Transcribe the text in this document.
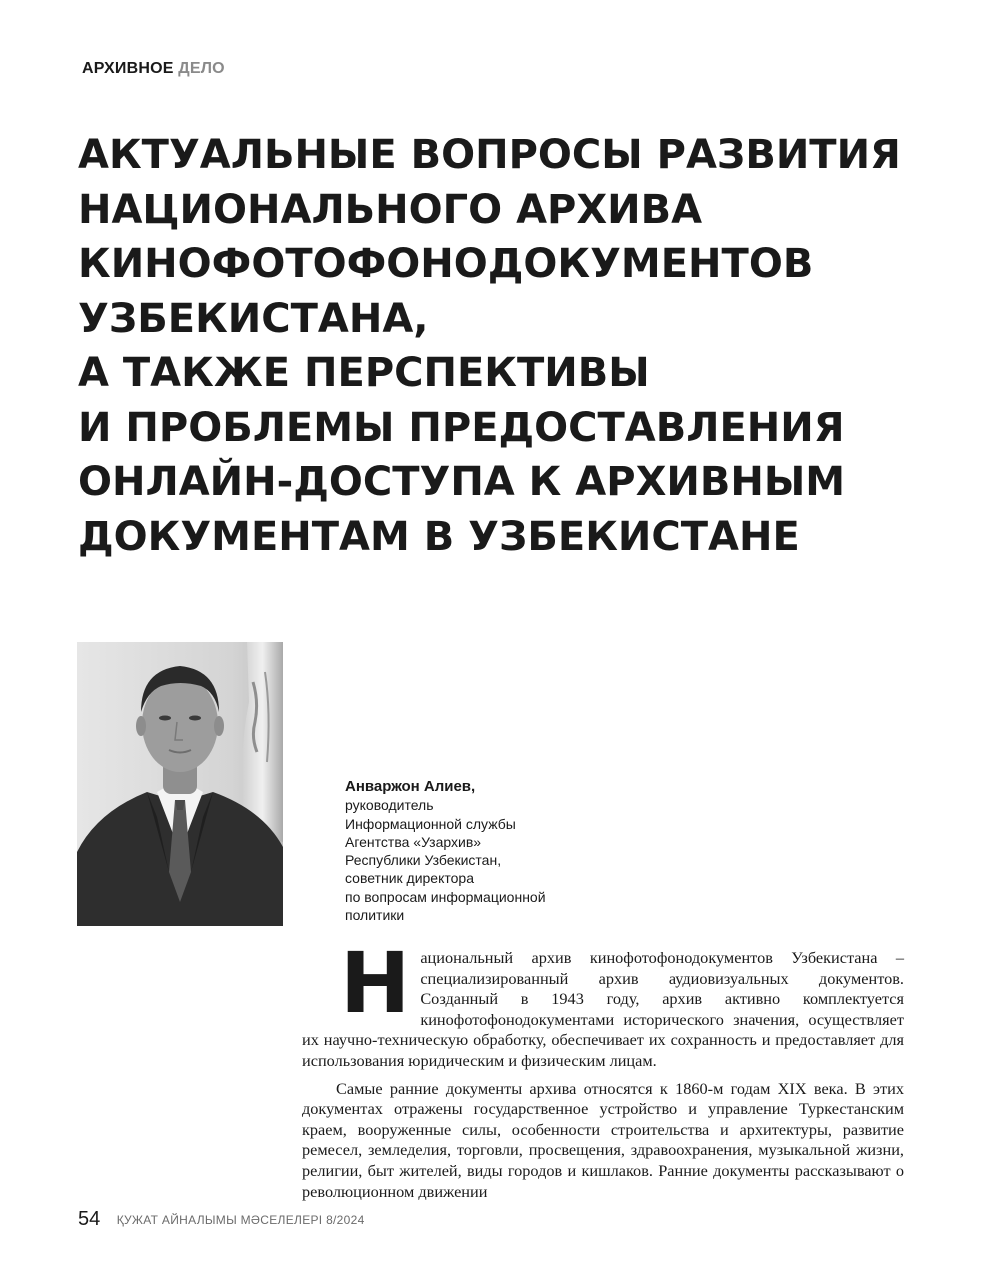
АРХИВНОЕ ДЕЛО
АКТУАЛЬНЫЕ ВОПРОСЫ РАЗВИТИЯ
НАЦИОНАЛЬНОГО АРХИВА
КИНОФОТОФОНОДОКУМЕНТОВ
УЗБЕКИСТАНА,
А ТАКЖЕ ПЕРСПЕКТИВЫ
И ПРОБЛЕМЫ ПРЕДОСТАВЛЕНИЯ
ОНЛАЙН-ДОСТУПА К АРХИВНЫМ
ДОКУМЕНТАМ В УЗБЕКИСТАНЕ
Анваржон Алиев,
руководитель
Информационной службы
Агентства «Узархив»
Республики Узбекистан,
советник директора
по вопросам информационной
политики

Национальный архив кинофотофонодокументов Узбекистана – специализированный архив аудиовизуальных документов. Созданный в 1943 году, архив активно комплектуется кинофотофонодокументами исторического значения, осуществляет их научно-техническую обработку, обеспечивает их сохранность и предоставляет для использования юридическим и физическим лицам.

Самые ранние документы архива относятся к 1860-м годам XIX века. В этих документах отражены государственное устройство и управление Туркестанским краем, вооруженные силы, особенности строительства и архитектуры, развитие ремесел, земледелия, торговли, просвещения, здравоохранения, музыкальной жизни, религии, быт жителей, виды городов и кишлаков. Ранние документы рассказывают о революционном движении

54 ҚУЖАТ АЙНАЛЫМЫ МӘСЕЛЕЛЕРІ 8/2024
